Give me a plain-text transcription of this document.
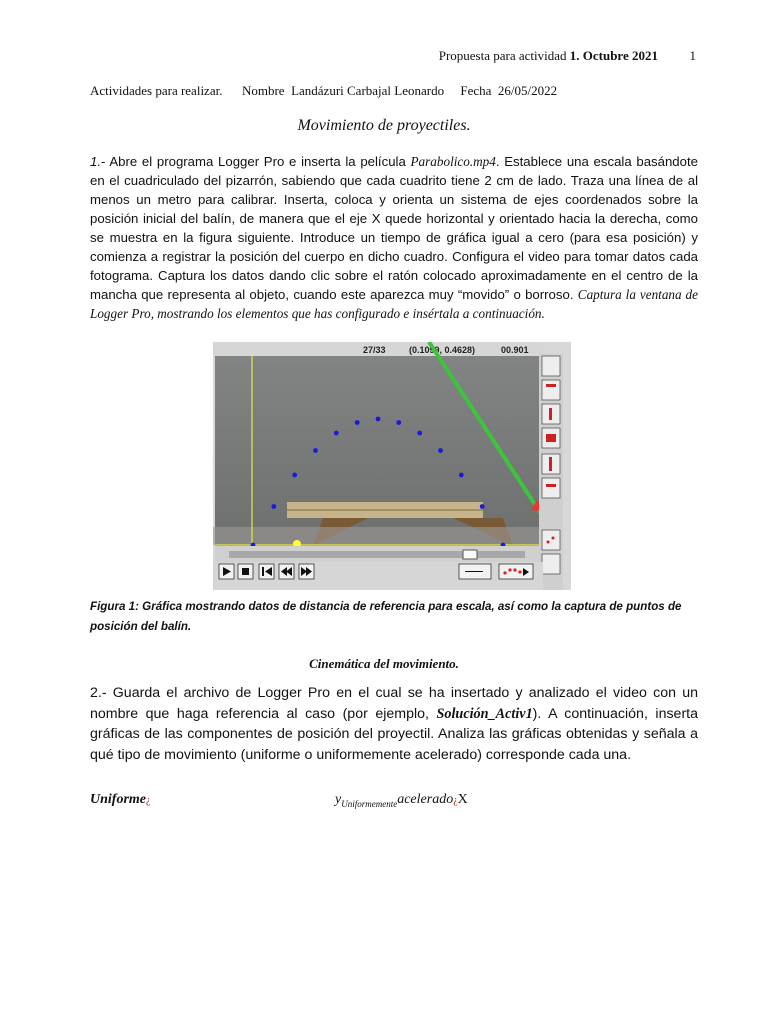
Propuesta para actividad 1. Octubre 2021 1
Actividades para realizar. Nombre  Landázuri Carbajal Leonardo Fecha  26/05/2022
Movimiento de proyectiles.
1.- Abre el programa Logger Pro e inserta la película Parabolico.mp4. Establece una escala basándote en el cuadriculado del pizarrón, sabiendo que cada cuadrito tiene 2 cm de lado. Traza una línea de al menos un metro para calibrar. Inserta, coloca y orienta un sistema de ejes coordenados sobre la posición inicial del balín, de manera que el eje X quede horizontal y orientado hacia la derecha, como se muestra en la figura siguiente. Introduce un tiempo de gráfica igual a cero (para esa posición) y comienza a registrar la posición del cuerpo en dicho cuadro. Configura el video para tomar datos cada fotograma. Captura los datos dando clic sobre el ratón colocado aproximadamente en el centro de la mancha que representa al objeto, cuando este aparezca muy “movido” o borroso. Captura la ventana de Logger Pro, mostrando los elementos que has configurado e insértala a continuación.
27/33	(0.1099, 0.4628)	00.901
Figura 1: Gráfica mostrando datos de distancia de referencia para escala, así como la captura de puntos de posición del balín.
Cinemática del movimiento.
2.- Guarda el archivo de Logger Pro en el cual se ha insertado y analizado el video con un nombre que haga referencia al caso (por ejemplo, Solución_Activ1). A continuación, inserta gráficas de las componentes de posición del proyectil. Analiza las gráficas obtenidas y señala a qué tipo de movimiento (uniforme o uniformemente acelerado) corresponde cada una.
Uniforme¿	$y_{Uniformemente}acelerado¿X$
